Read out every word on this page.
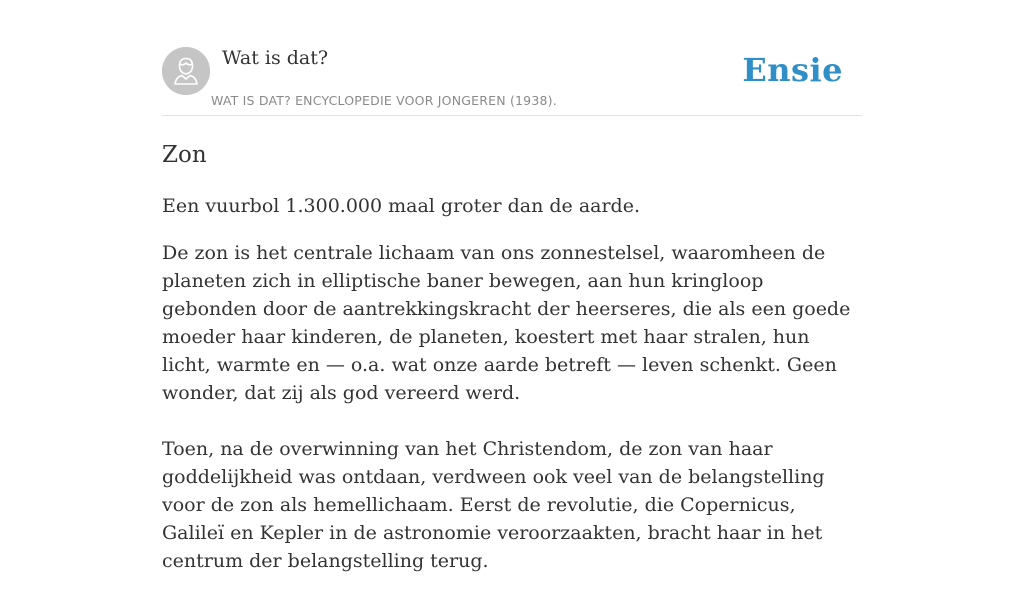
Wat is dat?
WAT IS DAT? ENCYCLOPEDIE VOOR JONGEREN (1938).
Ensie
Zon

Een vuurbol 1.300.000 maal groter dan de aarde.

De zon is het centrale lichaam van ons zonnestelsel, waaromheen de planeten zich in elliptische baner bewegen, aan hun kringloop gebonden door de aantrekkingskracht der heerseres, die als een goede moeder haar kinderen, de planeten, koestert met haar stralen, hun licht, warmte en — o.a. wat onze aarde betreft — leven schenkt. Geen wonder, dat zij als god vereerd werd.

Toen, na de overwinning van het Christendom, de zon van haar goddelijkheid was ontdaan, verdween ook veel van de belangstelling voor de zon als hemellichaam. Eerst de revolutie, die Copernicus, Galileï en Kepler in de astronomie veroorzaakten, bracht haar in het centrum der belangstelling terug.
